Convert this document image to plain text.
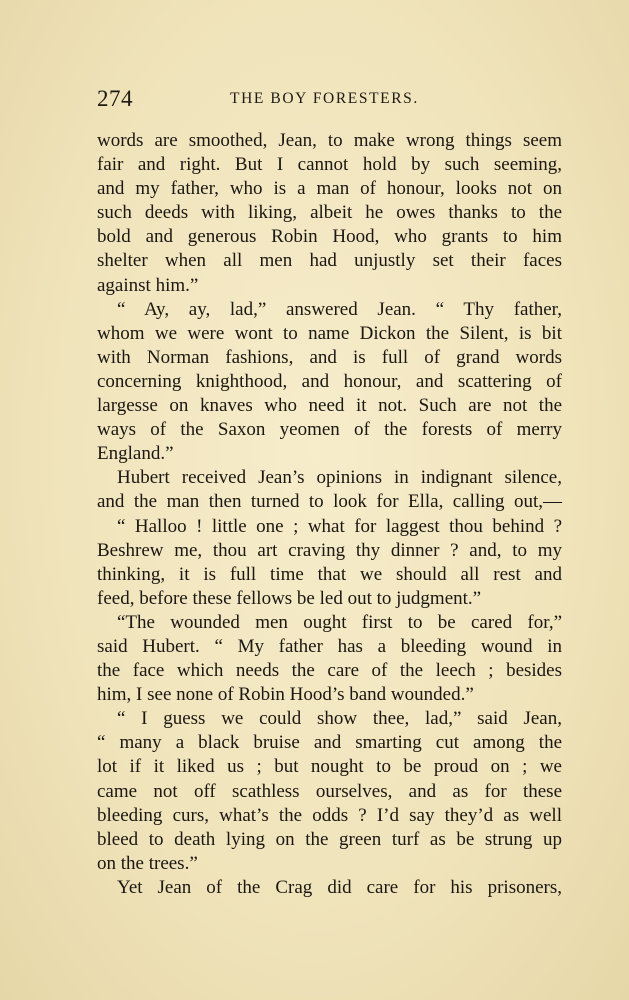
274	THE BOY FORESTERS.
words are smoothed, Jean, to make wrong things seem
fair and right. But I cannot hold by such seeming,
and my father, who is a man of honour, looks not on
such deeds with liking, albeit he owes thanks to the
bold and generous Robin Hood, who grants to him
shelter when all men had unjustly set their faces
against him.”
“ Ay, ay, lad,” answered Jean. “ Thy father,
whom we were wont to name Dickon the Silent, is bit
with Norman fashions, and is full of grand words
concerning knighthood, and honour, and scattering of
largesse on knaves who need it not. Such are not the
ways of the Saxon yeomen of the forests of merry
England.”
Hubert received Jean’s opinions in indignant silence,
and the man then turned to look for Ella, calling out,—
“ Halloo ! little one ; what for laggest thou behind ?
Beshrew me, thou art craving thy dinner ? and, to my
thinking, it is full time that we should all rest and
feed, before these fellows be led out to judgment.”
“The wounded men ought first to be cared for,”
said Hubert. “ My father has a bleeding wound in
the face which needs the care of the leech ; besides
him, I see none of Robin Hood’s band wounded.”
“ I guess we could show thee, lad,” said Jean,
“ many a black bruise and smarting cut among the
lot if it liked us ; but nought to be proud on ; we
came not off scathless ourselves, and as for these
bleeding curs, what’s the odds ? I’d say they’d as well
bleed to death lying on the green turf as be strung up
on the trees.”
Yet Jean of the Crag did care for his prisoners,
